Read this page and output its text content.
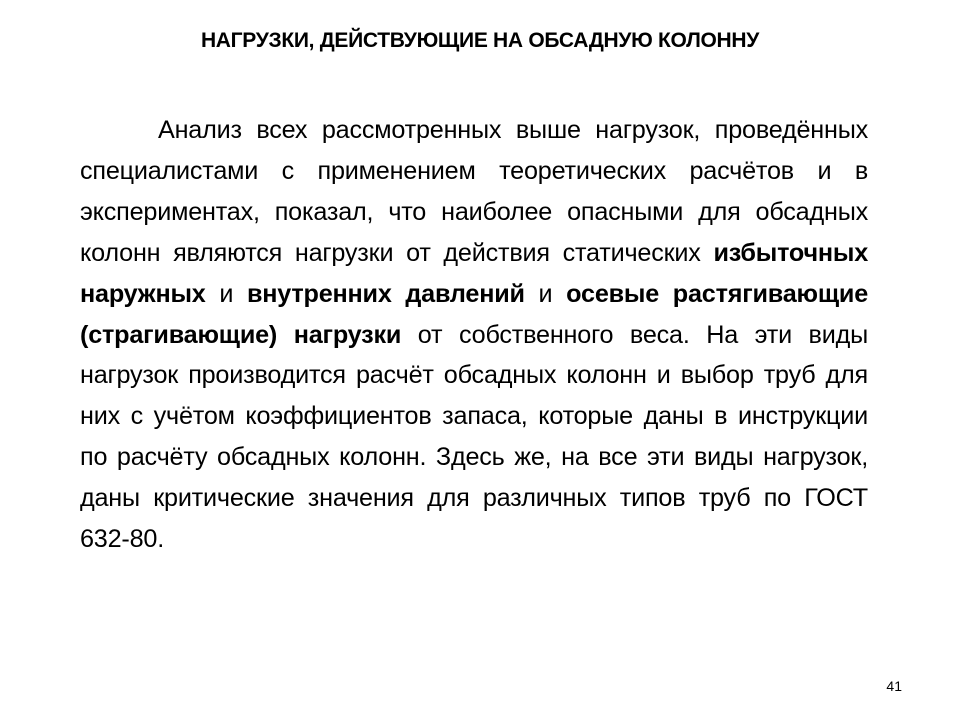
НАГРУЗКИ, ДЕЙСТВУЮЩИЕ НА ОБСАДНУЮ КОЛОННУ

Анализ всех рассмотренных выше нагрузок, проведённых специалистами с применением теоретических расчётов и в экспериментах, показал, что наиболее опасными для обсадных колонн являются нагрузки от действия статических избыточных наружных и внутренних давлений и осевые растягивающие (страгивающие) нагрузки от собственного веса. На эти виды нагрузок производится расчёт обсадных колонн и выбор труб для них с учётом коэффициентов запаса, которые даны в инструкции по расчёту обсадных колонн. Здесь же, на все эти виды нагрузок, даны критические значения для различных типов труб по ГОСТ 632-80.

41
